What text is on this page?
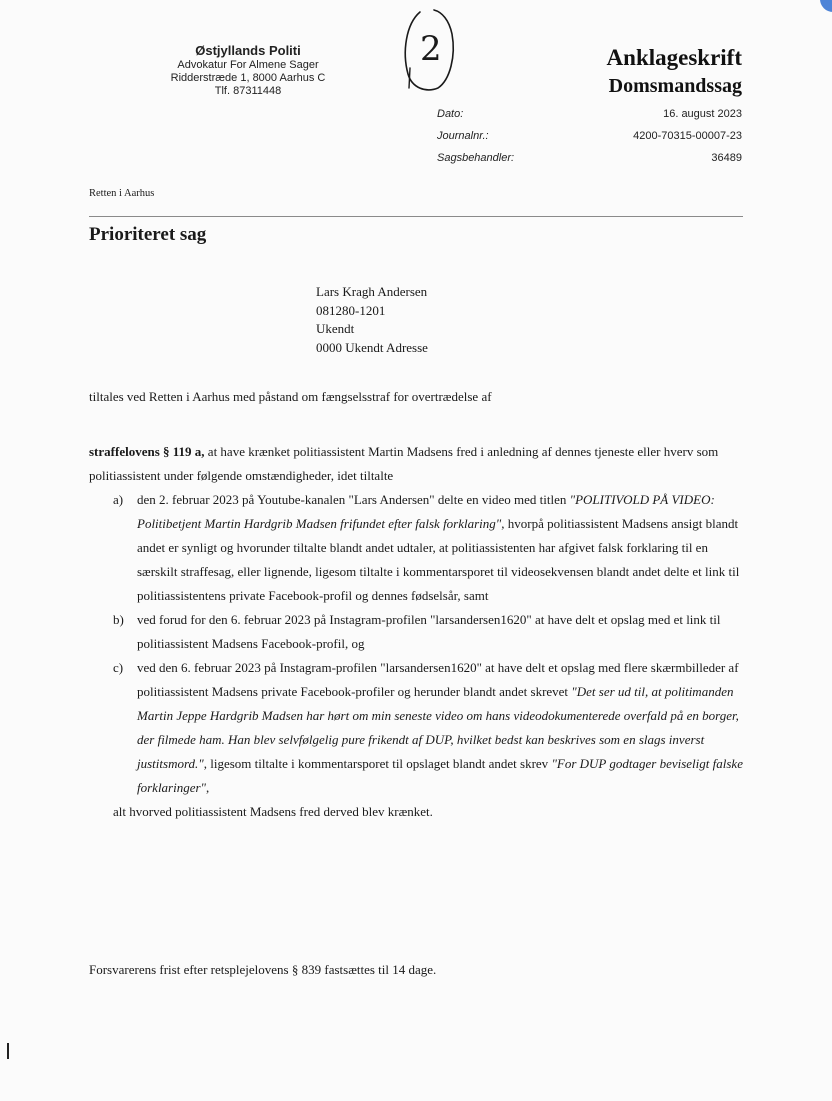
Østjyllands Politi
Advokatur For Almene Sager
Ridderstræde 1, 8000 Aarhus C
Tlf. 87311448
2	Anklageskrift
Domsmandssag
Dato:	16. august 2023
Journalnr.:	4200-70315-00007-23
Sagsbehandler:	36489
Retten i Aarhus
Prioriteret sag
Lars Kragh Andersen
081280-1201
Ukendt
0000 Ukendt Adresse
tiltales ved Retten i Aarhus med påstand om fængselsstraf for overtrædelse af
straffelovens § 119 a, at have krænket politiassistent Martin Madsens fred i anledning af dennes tjeneste eller hverv som politiassistent under følgende omstændigheder, idet tiltalte
a) den 2. februar 2023 på Youtube-kanalen "Lars Andersen" delte en video med titlen "POLITIVOLD PÅ VIDEO: Politibetjent Martin Hardgrib Madsen frifundet efter falsk forklaring", hvorpå politiassistent Madsens ansigt blandt andet er synligt og hvorunder tiltalte blandt andet udtaler, at politiassistenten har afgivet falsk forklaring til en særskilt straffesag, eller lignende, ligesom tiltalte i kommentarsporet til videosekvensen blandt andet delte et link til politiassistentens private Facebook-profil og dennes fødselsår, samt
b) ved forud for den 6. februar 2023 på Instagram-profilen "larsandersen1620" at have delt et opslag med et link til politiassistent Madsens Facebook-profil, og
c) ved den 6. februar 2023 på Instagram-profilen "larsandersen1620" at have delt et opslag med flere skærmbilleder af politiassistent Madsens private Facebook-profiler og herunder blandt andet skrevet "Det ser ud til, at politimanden Martin Jeppe Hardgrib Madsen har hørt om min seneste video om hans videodokumenterede overfald på en borger, der filmede ham. Han blev selvfølgelig pure frikendt af DUP, hvilket bedst kan beskrives som en slags inverst justitsmord.", ligesom tiltalte i kommentarsporet til opslaget blandt andet skrev "For DUP godtager beviseligt falske forklaringer",
alt hvorved politiassistent Madsens fred derved blev krænket.
Forsvarerens frist efter retsplejelovens § 839 fastsættes til 14 dage.
